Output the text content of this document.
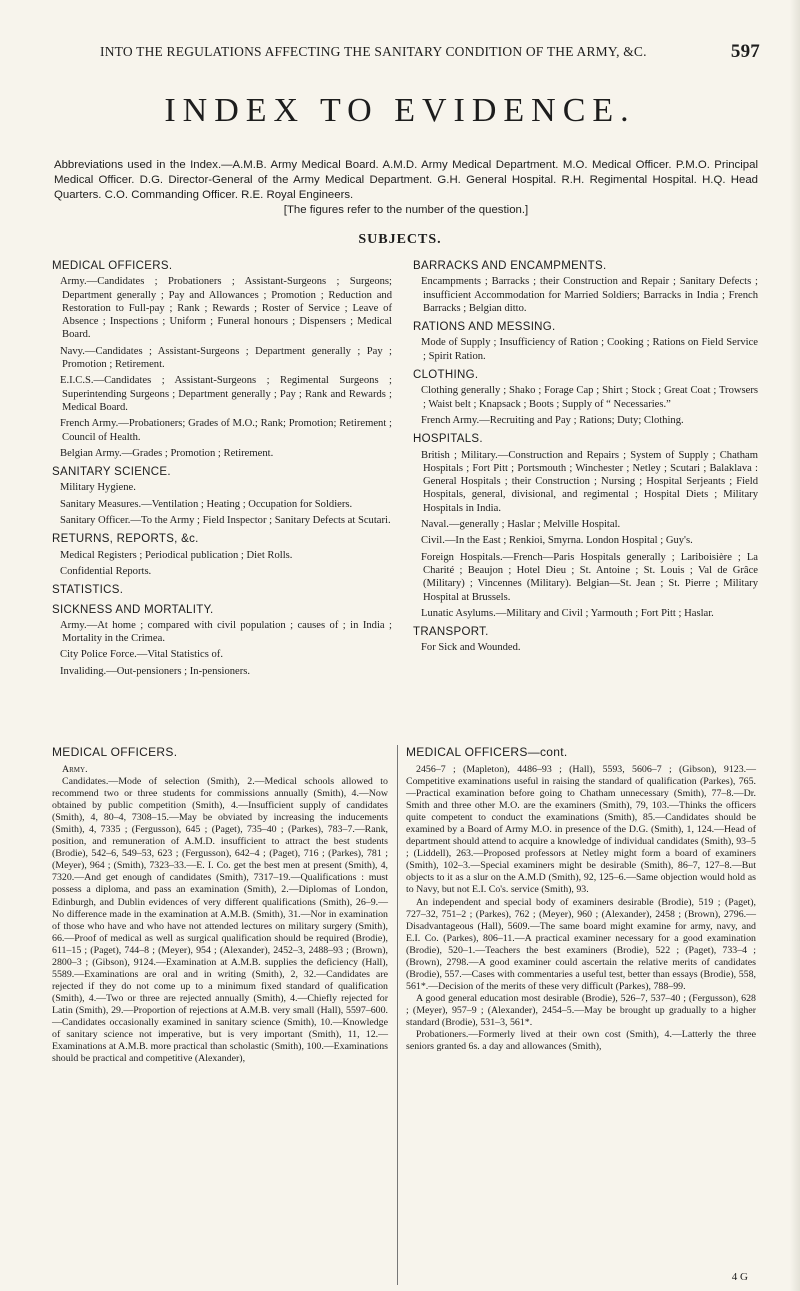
INTO THE REGULATIONS AFFECTING THE SANITARY CONDITION OF THE ARMY, &C.	597
INDEX TO EVIDENCE.
Abbreviations used in the Index.—A.M.B. Army Medical Board. A.M.D. Army Medical Department. M.O. Medical Officer. P.M.O. Principal Medical Officer. D.G. Director-General of the Army Medical Department. G.H. General Hospital. R.H. Regimental Hospital. H.Q. Head Quarters. C.O. Commanding Officer. R.E. Royal Engineers.
[The figures refer to the number of the question.]
SUBJECTS.
MEDICAL OFFICERS.
Army.—Candidates ; Probationers ; Assistant-Surgeons ; Surgeons; Department generally ; Pay and Allowances ; Promotion ; Reduction and Restoration to Full-pay ; Rank ; Rewards ; Roster of Service ; Leave of Absence ; Inspections ; Uniform ; Funeral honours ; Dispensers ; Medical Board.
Navy.—Candidates ; Assistant-Surgeons ; Department generally ; Pay ; Promotion ; Retirement.
E.I.C.S.—Candidates ; Assistant-Surgeons ; Regimental Surgeons ; Superintending Surgeons ; Department generally ; Pay ; Rank and Rewards ; Medical Board.
French Army.—Probationers; Grades of M.O.; Rank; Promotion; Retirement ; Council of Health.
Belgian Army.—Grades ; Promotion ; Retirement.
SANITARY SCIENCE.
Military Hygiene.
Sanitary Measures.—Ventilation ; Heating ; Occupation for Soldiers.
Sanitary Officer.—To the Army ; Field Inspector ; Sanitary Defects at Scutari.
RETURNS, REPORTS, &c.
Medical Registers ; Periodical publication ; Diet Rolls.
Confidential Reports.
STATISTICS.
SICKNESS AND MORTALITY.
Army.—At home ; compared with civil population ; causes of ; in India ; Mortality in the Crimea.
City Police Force.—Vital Statistics of.
Invaliding.—Out-pensioners ; In-pensioners.
BARRACKS AND ENCAMPMENTS.
Encampments ; Barracks ; their Construction and Repair ; Sanitary Defects ; insufficient Accommodation for Married Soldiers; Barracks in India ; French Barracks ; Belgian ditto.
RATIONS AND MESSING.
Mode of Supply ; Insufficiency of Ration ; Cooking ; Rations on Field Service ; Spirit Ration.
CLOTHING.
Clothing generally ; Shako ; Forage Cap ; Shirt ; Stock ; Great Coat ; Trowsers ; Waist belt ; Knapsack ; Boots ; Supply of “ Necessaries.”
French Army.—Recruiting and Pay ; Rations; Duty; Clothing.
HOSPITALS.
British ; Military.—Construction and Repairs ; System of Supply ; Chatham Hospitals ; Fort Pitt ; Portsmouth ; Winchester ; Netley ; Scutari ; Balaklava : General Hospitals ; their Construction ; Nursing ; Hospital Serjeants ; Field Hospitals, general, divisional, and regimental ; Hospital Diets ; Military Hospitals in India.
Naval.—generally ; Haslar ; Melville Hospital.
Civil.—In the East ; Renkioi, Smyrna. London Hospital ; Guy's.
Foreign Hospitals.—French—Paris Hospitals generally ; Lariboisière ; La Charité ; Beaujon ; Hotel Dieu ; St. Antoine ; St. Louis ; Val de Grâce (Military) ; Vincennes (Military). Belgian—St. Jean ; St. Pierre ; Military Hospital at Brussels.
Lunatic Asylums.—Military and Civil ; Yarmouth ; Fort Pitt ; Haslar.
TRANSPORT.
For Sick and Wounded.
MEDICAL OFFICERS.
Army.

Candidates.—Mode of selection (Smith), 2.—Medical schools allowed to recommend two or three students for commissions annually (Smith), 4.—Now obtained by public competition (Smith), 4.—Insufficient supply of candidates (Smith), 4, 80–4, 7308–15.—May be obviated by increasing the inducements (Smith), 4, 7335 ; (Fergusson), 645 ; (Paget), 735–40 ; (Parkes), 783–7.—Rank, position, and remuneration of A.M.D. insufficient to attract the best students (Brodie), 542–6, 549–53, 623 ; (Fergusson), 642–4 ; (Paget), 716 ; (Parkes), 781 ; (Meyer), 964 ; (Smith), 7323–33.—E. I. Co. get the best men at present (Smith), 4, 7320.—And get enough of candidates (Smith), 7317–19.—Qualifications : must possess a diploma, and pass an examination (Smith), 2.—Diplomas of London, Edinburgh, and Dublin evidences of very different qualifications (Smith), 26–9.—No difference made in the examination at A.M.B. (Smith), 31.—Nor in examination of those who have and who have not attended lectures on military surgery (Smith), 66.—Proof of medical as well as surgical qualification should be required (Brodie), 611–15 ; (Paget), 744–8 ; (Meyer), 954 ; (Alexander), 2452–3, 2488–93 ; (Brown), 2800–3 ; (Gibson), 9124.—Examination at A.M.B. supplies the deficiency (Hall), 5589.—Examinations are oral and in writing (Smith), 2, 32.—Candidates are rejected if they do not come up to a minimum fixed standard of qualification (Smith), 4.—Two or three are rejected annually (Smith), 4.—Chiefly rejected for Latin (Smith), 29.—Proportion of rejections at A.M.B. very small (Hall), 5597–600.—Candidates occasionally examined in sanitary science (Smith), 10.—Knowledge of sanitary science not imperative, but is very important (Smith), 11, 12.—Examinations at A.M.B. more practical than scholastic (Smith), 100.—Examinations should be practical and competitive (Alexander),

MEDICAL OFFICERS—cont.

2456–7 ; (Mapleton), 4486–93 ; (Hall), 5593, 5606–7 ; (Gibson), 9123.—Competitive examinations useful in raising the standard of qualification (Parkes), 765.—Practical examination before going to Chatham unnecessary (Smith), 77–8.—Dr. Smith and three other M.O. are the examiners (Smith), 79, 103.—Thinks the officers quite competent to conduct the examinations (Smith), 85.—Candidates should be examined by a Board of Army M.O. in presence of the D.G. (Smith), 1, 124.—Head of department should attend to acquire a knowledge of individual candidates (Smith), 93–5 ; (Liddell), 263.—Proposed professors at Netley might form a board of examiners (Smith), 102–3.—Special examiners might be desirable (Smith), 86–7, 127–8.—But objects to it as a slur on the A.M.D (Smith), 92, 125–6.—Same objection would hold as to Navy, but not E.I. Co's. service (Smith), 93.

An independent and special body of examiners desirable (Brodie), 519 ; (Paget), 727–32, 751–2 ; (Parkes), 762 ; (Meyer), 960 ; (Alexander), 2458 ; (Brown), 2796.—Disadvantageous (Hall), 5609.—The same board might examine for army, navy, and E.I. Co. (Parkes), 806–11.—A practical examiner necessary for a good examination (Brodie), 520–1.—Teachers the best examiners (Brodie), 522 ; (Paget), 733–4 ; (Brown), 2798.—A good examiner could ascertain the relative merits of candidates (Brodie), 557.—Cases with commentaries a useful test, better than essays (Brodie), 558, 561*.—Decision of the merits of these very difficult (Parkes), 788–99.

A good general education most desirable (Brodie), 526–7, 537–40 ; (Fergusson), 628 ; (Meyer), 957–9 ; (Alexander), 2454–5.—May be brought up gradually to a higher standard (Brodie), 531–3, 561*.

Probationers.—Formerly lived at their own cost (Smith), 4.—Latterly the three seniors granted 6s. a day and allowances (Smith),

4 G
